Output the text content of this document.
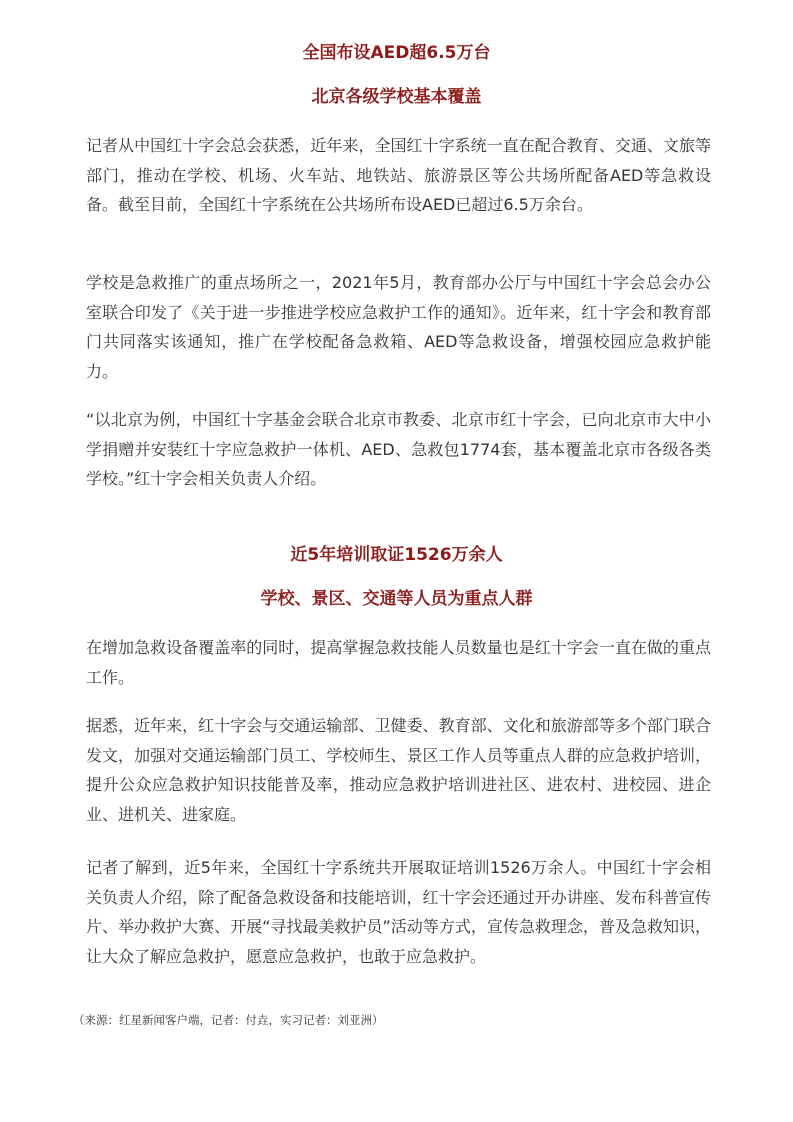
全国布设AED超6.5万台
北京各级学校基本覆盖

记者从中国红十字会总会获悉，近年来，全国红十字系统一直在配合教育、交通、文旅等部门，推动在学校、机场、火车站、地铁站、旅游景区等公共场所配备AED等急救设备。截至目前，全国红十字系统在公共场所布设AED已超过6.5万余台。

学校是急救推广的重点场所之一，2021年5月，教育部办公厅与中国红十字会总会办公室联合印发了《关于进一步推进学校应急救护工作的通知》。近年来，红十字会和教育部门共同落实该通知，推广在学校配备急救箱、AED等急救设备，增强校园应急救护能力。

“以北京为例，中国红十字基金会联合北京市教委、北京市红十字会，已向北京市大中小学捐赠并安装红十字应急救护一体机、AED、急救包1774套，基本覆盖北京市各级各类学校。”红十字会相关负责人介绍。

近5年培训取证1526万余人
学校、景区、交通等人员为重点人群

在增加急救设备覆盖率的同时，提高掌握急救技能人员数量也是红十字会一直在做的重点工作。

据悉，近年来，红十字会与交通运输部、卫健委、教育部、文化和旅游部等多个部门联合发文，加强对交通运输部门员工、学校师生、景区工作人员等重点人群的应急救护培训，提升公众应急救护知识技能普及率，推动应急救护培训进社区、进农村、进校园、进企业、进机关、进家庭。

记者了解到，近5年来，全国红十字系统共开展取证培训1526万余人。中国红十字会相关负责人介绍，除了配备急救设备和技能培训，红十字会还通过开办讲座、发布科普宣传片、举办救护大赛、开展“寻找最美救护员”活动等方式，宣传急救理念，普及急救知识，让大众了解应急救护，愿意应急救护，也敢于应急救护。

（来源：红星新闻客户端，记者：付垚，实习记者：刘亚洲）
